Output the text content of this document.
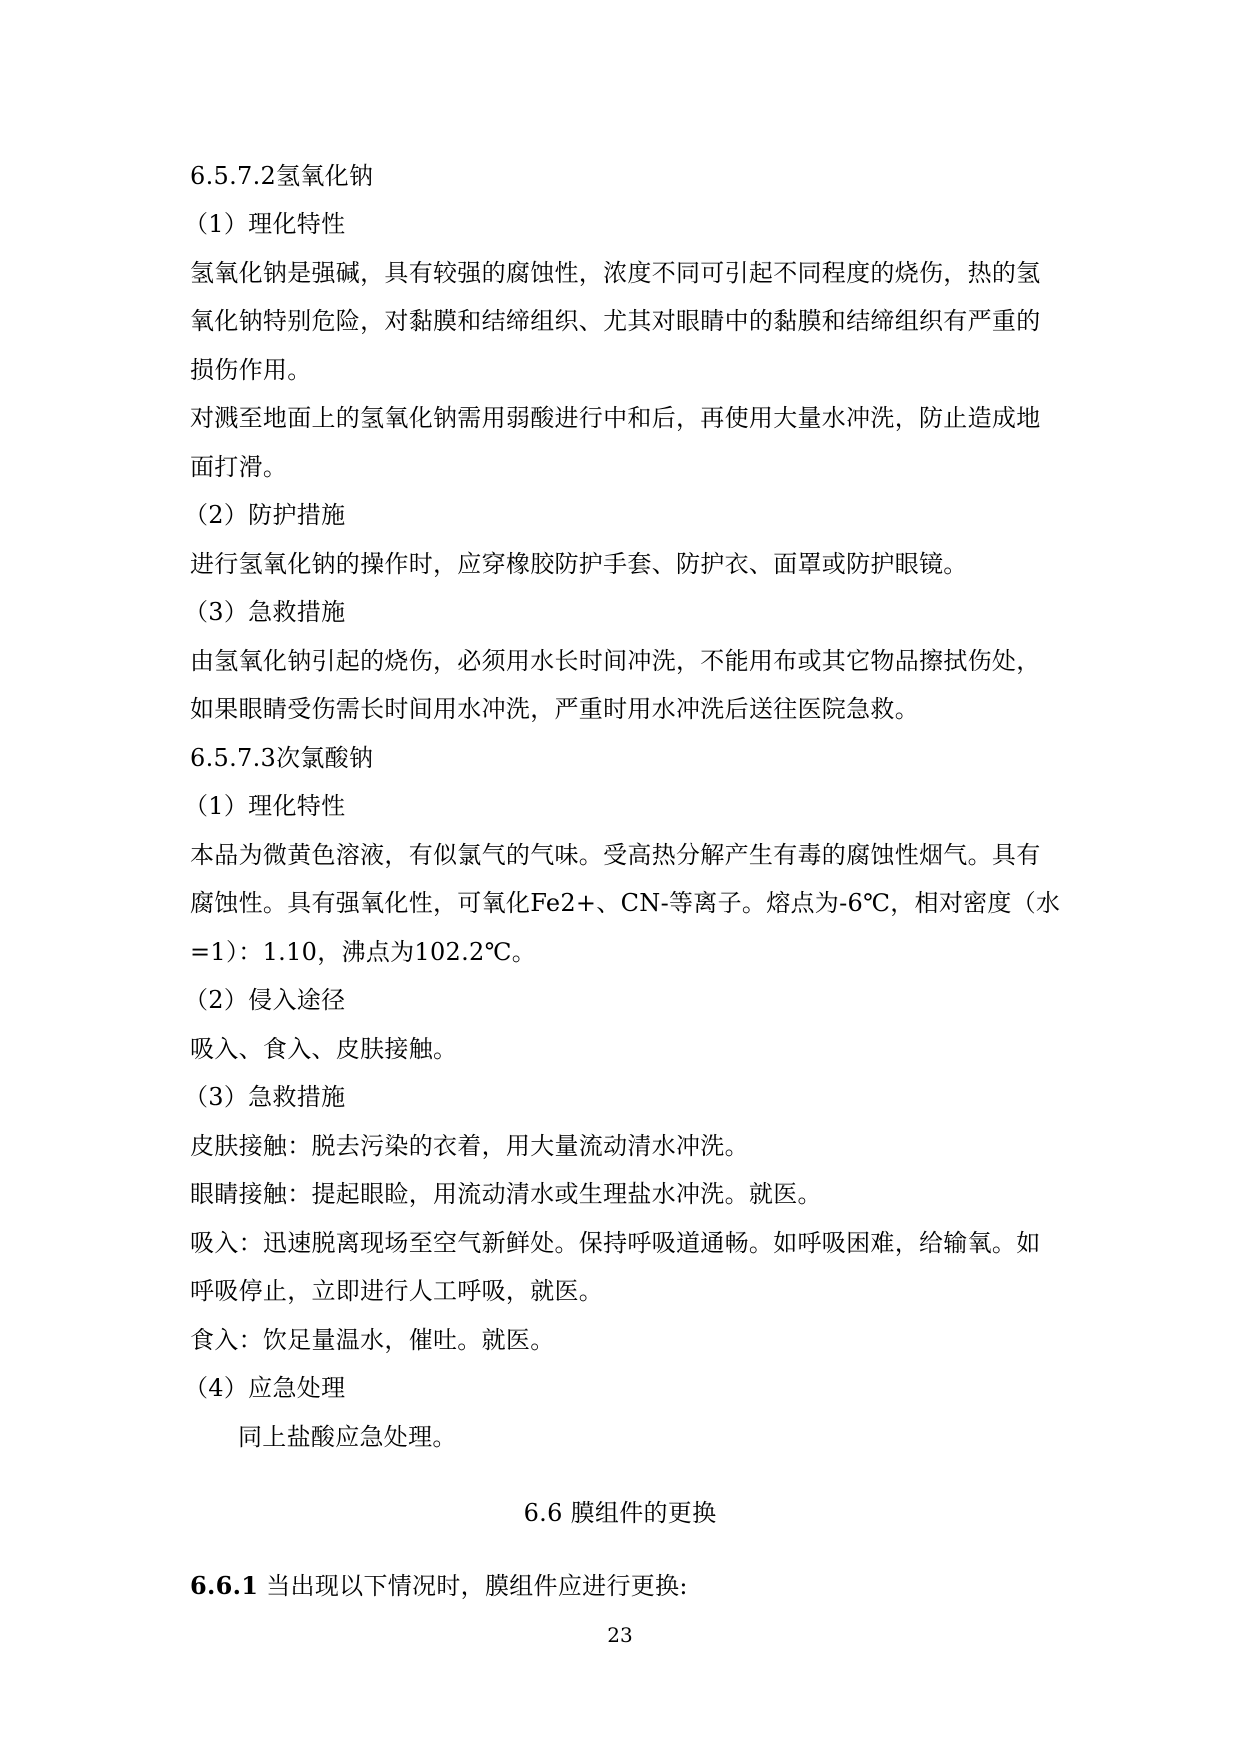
6.5.7.2氢氧化钠
（1）理化特性
氢氧化钠是强碱，具有较强的腐蚀性，浓度不同可引起不同程度的烧伤，热的氢
氧化钠特别危险，对黏膜和结缔组织、尤其对眼睛中的黏膜和结缔组织有严重的
损伤作用。
对溅至地面上的氢氧化钠需用弱酸进行中和后，再使用大量水冲洗，防止造成地
面打滑。
（2）防护措施
进行氢氧化钠的操作时，应穿橡胶防护手套、防护衣、面罩或防护眼镜。
（3）急救措施
由氢氧化钠引起的烧伤，必须用水长时间冲洗，不能用布或其它物品擦拭伤处，
如果眼睛受伤需长时间用水冲洗，严重时用水冲洗后送往医院急救。
6.5.7.3次氯酸钠
（1）理化特性
本品为微黄色溶液，有似氯气的气味。受高热分解产生有毒的腐蚀性烟气。具有
腐蚀性。具有强氧化性，可氧化Fe2+、CN-等离子。熔点为-6℃，相对密度（水
=1）：1.10，沸点为102.2℃。
（2）侵入途径
吸入、食入、皮肤接触。
（3）急救措施
皮肤接触：脱去污染的衣着，用大量流动清水冲洗。
眼睛接触：提起眼睑，用流动清水或生理盐水冲洗。就医。
吸入：迅速脱离现场至空气新鲜处。保持呼吸道通畅。如呼吸困难，给输氧。如
呼吸停止，立即进行人工呼吸，就医。
食入：饮足量温水，催吐。就医。
（4）应急处理
同上盐酸应急处理。
6.6 膜组件的更换
6.6.1 当出现以下情况时，膜组件应进行更换:
23
